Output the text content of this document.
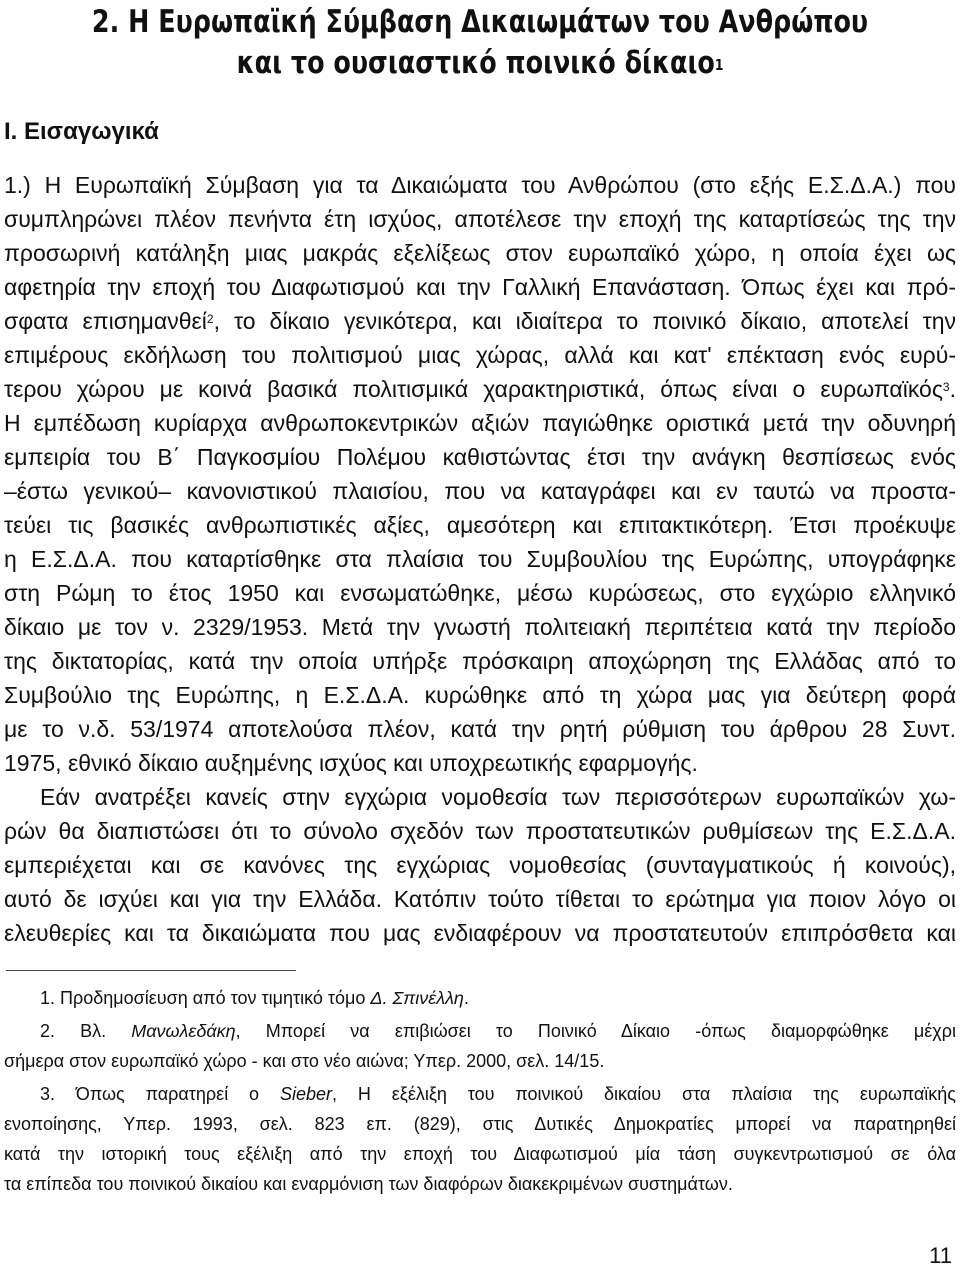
2. Η Ευρωπαϊκή Σύμβαση Δικαιωμάτων του Ανθρώπου
και το ουσιαστικό ποινικό δίκαιο$^1$
Ι. Εισαγωγικά
1.) Η Ευρωπαϊκή Σύμβαση για τα Δικαιώματα του Ανθρώπου (στο εξής Ε.Σ.Δ.Α.) που
συμπληρώνει πλέον πενήντα έτη ισχύος, αποτέλεσε την εποχή της καταρτίσεώς της την
προσωρινή κατάληξη μιας μακράς εξελίξεως στον ευρωπαϊκό χώρο, η οποία έχει ως
αφετηρία την εποχή του Διαφωτισμού και την Γαλλική Επανάσταση. Όπως έχει και πρό-
σφατα επισημανθεί$^2$, το δίκαιο γενικότερα, και ιδιαίτερα το ποινικό δίκαιο, αποτελεί την
επιμέρους εκδήλωση του πολιτισμού μιας χώρας, αλλά και κατ' επέκταση ενός ευρύ-
τερου χώρου με κοινά βασικά πολιτισμικά χαρακτηριστικά, όπως είναι ο ευρωπαϊκός$^3$.
Η εμπέδωση κυρίαρχα ανθρωποκεντρικών αξιών παγιώθηκε οριστικά μετά την οδυνηρή
εμπειρία του Β΄ Παγκοσμίου Πολέμου καθιστώντας έτσι την ανάγκη θεσπίσεως ενός
–έστω γενικού– κανονιστικού πλαισίου, που να καταγράφει και εν ταυτώ να προστα-
τεύει τις βασικές ανθρωπιστικές αξίες, αμεσότερη και επιτακτικότερη. Έτσι προέκυψε
η Ε.Σ.Δ.Α. που καταρτίσθηκε στα πλαίσια του Συμβουλίου της Ευρώπης, υπογράφηκε
στη Ρώμη το έτος 1950 και ενσωματώθηκε, μέσω κυρώσεως, στο εγχώριο ελληνικό
δίκαιο με τον ν. 2329/1953. Μετά την γνωστή πολιτειακή περιπέτεια κατά την περίοδο
της δικτατορίας, κατά την οποία υπήρξε πρόσκαιρη αποχώρηση της Ελλάδας από το
Συμβούλιο της Ευρώπης, η Ε.Σ.Δ.Α. κυρώθηκε από τη χώρα μας για δεύτερη φορά
με το ν.δ. 53/1974 αποτελούσα πλέον, κατά την ρητή ρύθμιση του άρθρου 28 Συντ.
1975, εθνικό δίκαιο αυξημένης ισχύος και υποχρεωτικής εφαρμογής.
Εάν ανατρέξει κανείς στην εγχώρια νομοθεσία των περισσότερων ευρωπαϊκών χω-
ρών θα διαπιστώσει ότι το σύνολο σχεδόν των προστατευτικών ρυθμίσεων της Ε.Σ.Δ.Α.
εμπεριέχεται και σε κανόνες της εγχώριας νομοθεσίας (συνταγματικούς ή κοινούς),
αυτό δε ισχύει και για την Ελλάδα. Κατόπιν τούτο τίθεται το ερώτημα για ποιον λόγο οι
ελευθερίες και τα δικαιώματα που μας ενδιαφέρουν να προστατευτούν επιπρόσθετα και
1. Προδημοσίευση από τον τιμητικό τόμο Δ. Σπινέλλη.
2. Βλ. Μανωλεδάκη, Μπορεί να επιβιώσει το Ποινικό Δίκαιο -όπως διαμορφώθηκε μέχρι
σήμερα στον ευρωπαϊκό χώρο - και στο νέο αιώνα; Υπερ. 2000, σελ. 14/15.
3. Όπως παρατηρεί ο Sieber, Η εξέλιξη του ποινικού δικαίου στα πλαίσια της ευρωπαϊκής
ενοποίησης, Υπερ. 1993, σελ. 823 επ. (829), στις Δυτικές Δημοκρατίες μπορεί να παρατηρηθεί
κατά την ιστορική τους εξέλιξη από την εποχή του Διαφωτισμού μία τάση συγκεντρωτισμού σε όλα
τα επίπεδα του ποινικού δικαίου και εναρμόνιση των διαφόρων διακεκριμένων συστημάτων.
11
